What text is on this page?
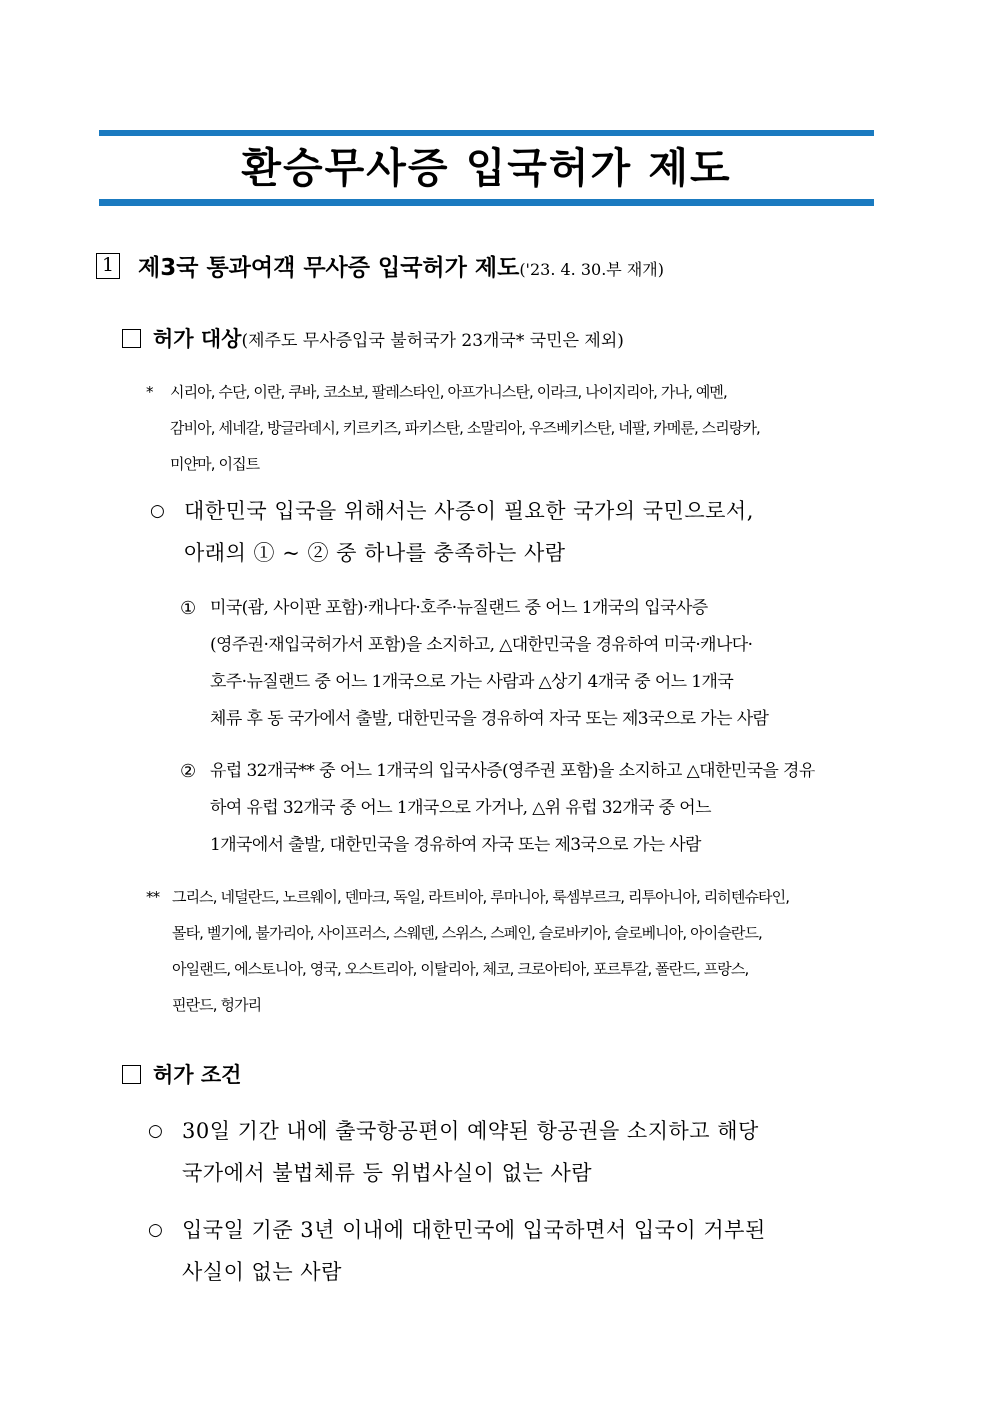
환승무사증 입국허가 제도
1 제3국 통과여객 무사증 입국허가 제도('23. 4. 30.부 재개)
허가 대상(제주도 무사증입국 불허국가 23개국* 국민은 제외)
* 시리아, 수단, 이란, 쿠바, 코소보, 팔레스타인, 아프가니스탄, 이라크, 나이지리아, 가나, 예멘,
감비아, 세네갈, 방글라데시, 키르키즈, 파키스탄, 소말리아, 우즈베키스탄, 네팔, 카메룬, 스리랑카,
미얀마, 이집트
○ 대한민국 입국을 위해서는 사증이 필요한 국가의 국민으로서,
아래의 ① ~ ② 중 하나를 충족하는 사람
① 미국(괌, 사이판 포함)·캐나다·호주·뉴질랜드 중 어느 1개국의 입국사증
(영주권·재입국허가서 포함)을 소지하고, △대한민국을 경유하여 미국·캐나다·
호주·뉴질랜드 중 어느 1개국으로 가는 사람과 △상기 4개국 중 어느 1개국
체류 후 동 국가에서 출발, 대한민국을 경유하여 자국 또는 제3국으로 가는 사람
② 유럽 32개국** 중 어느 1개국의 입국사증(영주권 포함)을 소지하고 △대한민국을 경유
하여 유럽 32개국 중 어느 1개국으로 가거나, △위 유럽 32개국 중 어느
1개국에서 출발, 대한민국을 경유하여 자국 또는 제3국으로 가는 사람
** 그리스, 네덜란드, 노르웨이, 덴마크, 독일, 라트비아, 루마니아, 룩셈부르크, 리투아니아, 리히텐슈타인,
몰타, 벨기에, 불가리아, 사이프러스, 스웨덴, 스위스, 스페인, 슬로바키아, 슬로베니아, 아이슬란드,
아일랜드, 에스토니아, 영국, 오스트리아, 이탈리아, 체코, 크로아티아, 포르투갈, 폴란드, 프랑스,
핀란드, 헝가리
허가 조건
○ 30일 기간 내에 출국항공편이 예약된 항공권을 소지하고 해당
국가에서 불법체류 등 위법사실이 없는 사람
○ 입국일 기준 3년 이내에 대한민국에 입국하면서 입국이 거부된
사실이 없는 사람
